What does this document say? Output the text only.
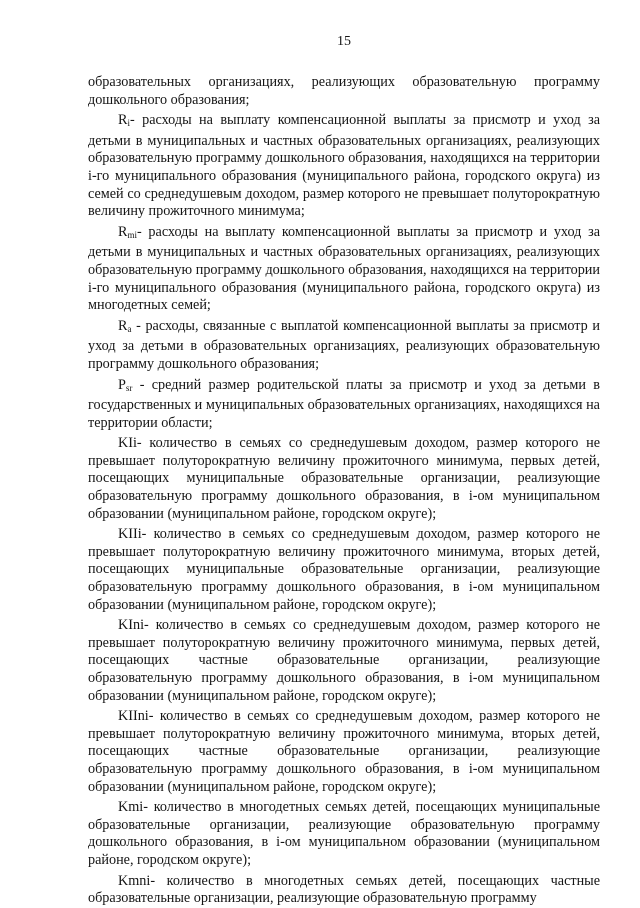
15

образовательных организациях, реализующих образовательную программу дошкольного образования;

$R_i-$ расходы на выплату компенсационной выплаты за присмотр и уход за детьми в муниципальных и частных образовательных организациях, реализующих образовательную программу дошкольного образования, находящихся на территории i-го муниципального образования (муниципального района, городского округа) из семей со среднедушевым доходом, размер которого не превышает полуторократную величину прожиточного минимума;

$R_{mi}-$ расходы на выплату компенсационной выплаты за присмотр и уход за детьми в муниципальных и частных образовательных организациях, реализующих образовательную программу дошкольного образования, находящихся на территории i-го муниципального образования (муниципального района, городского округа) из многодетных семей;

$R_a$ - расходы, связанные с выплатой компенсационной выплаты за присмотр и уход за детьми в образовательных организациях, реализующих образовательную программу дошкольного образования;

$P_{sr}$ - средний размер родительской платы за присмотр и уход за детьми в государственных и муниципальных образовательных организациях, находящихся на территории области;

KIi- количество в семьях со среднедушевым доходом, размер которого не превышает полуторократную величину прожиточного минимума, первых детей, посещающих муниципальные образовательные организации, реализующие образовательную программу дошкольного образования, в i-ом муниципальном образовании (муниципальном районе, городском округе);

KIIi- количество в семьях со среднедушевым доходом, размер которого не превышает полуторократную величину прожиточного минимума, вторых детей, посещающих муниципальные образовательные организации, реализующие образовательную программу дошкольного образования, в i-ом муниципальном образовании (муниципальном районе, городском округе);

KIni- количество в семьях со среднедушевым доходом, размер которого не превышает полуторократную величину прожиточного минимума, первых детей, посещающих частные образовательные организации, реализующие образовательную программу дошкольного образования, в i-ом муниципальном образовании (муниципальном районе, городском округе);

KIIni- количество в семьях со среднедушевым доходом, размер которого не превышает полуторократную величину прожиточного минимума, вторых детей, посещающих частные образовательные организации, реализующие образовательную программу дошкольного образования, в i-ом муниципальном образовании (муниципальном районе, городском округе);

Kmi- количество в многодетных семьях детей, посещающих муниципальные образовательные организации, реализующие образовательную программу дошкольного образования, в i-ом муниципальном образовании (муниципальном районе, городском округе);

Kmni- количество в многодетных семьях детей, посещающих частные образовательные организации, реализующие образовательную программу
